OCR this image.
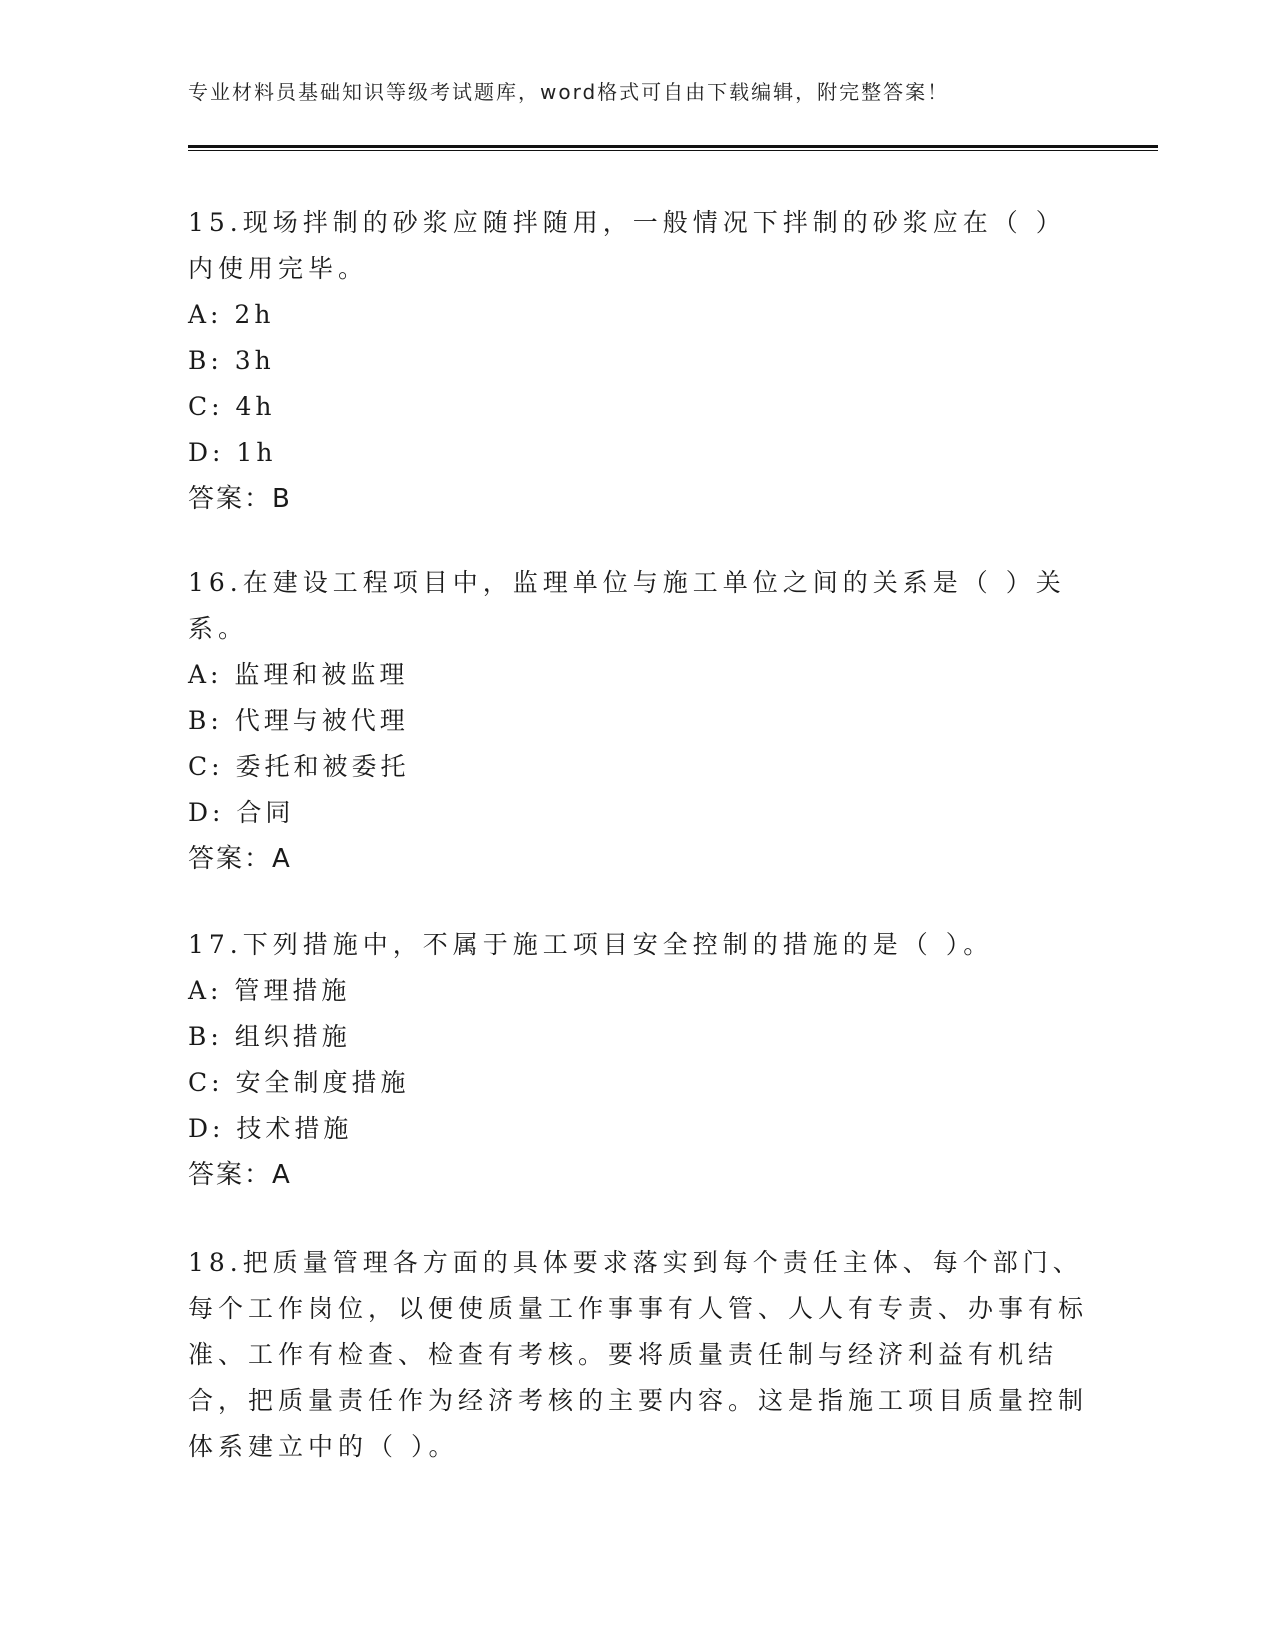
专业材料员基础知识等级考试题库，word格式可自由下载编辑，附完整答案！

15.现场拌制的砂浆应随拌随用，一般情况下拌制的砂浆应在（ ）内使用完毕。

A: 2h

B: 3h

C: 4h

D: 1h

答案：B

16.在建设工程项目中，监理单位与施工单位之间的关系是（ ）关系。

A: 监理和被监理

B: 代理与被代理

C: 委托和被委托

D: 合同

答案：A

17.下列措施中，不属于施工项目安全控制的措施的是（ ）。

A: 管理措施

B: 组织措施

C: 安全制度措施

D: 技术措施

答案：A

18.把质量管理各方面的具体要求落实到每个责任主体、每个部门、每个工作岗位，以便使质量工作事事有人管、人人有专责、办事有标准、工作有检查、检查有考核。要将质量责任制与经济利益有机结合，把质量责任作为经济考核的主要内容。这是指施工项目质量控制体系建立中的（ ）。
